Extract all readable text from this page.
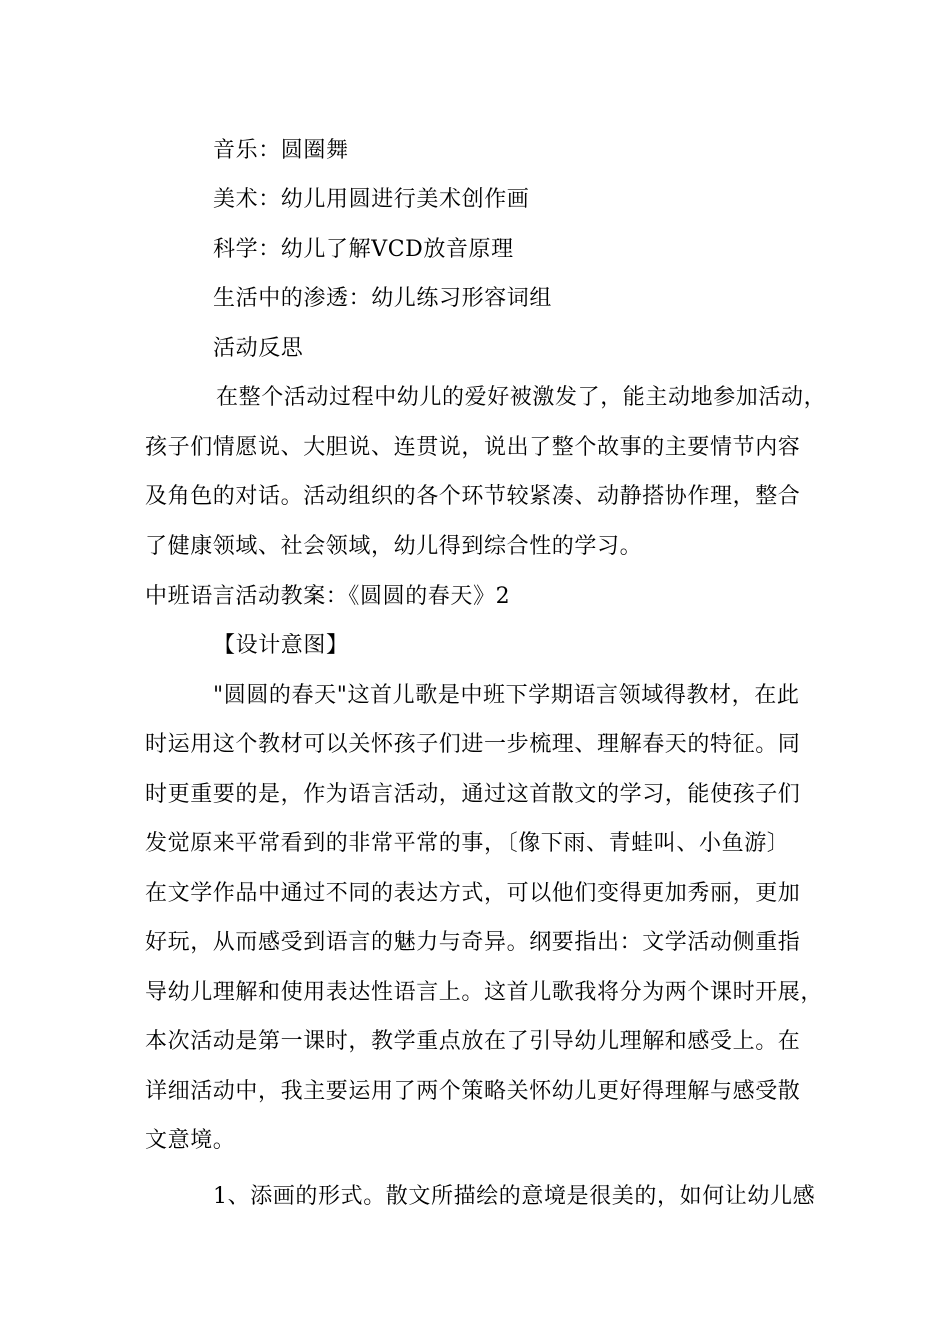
音乐：圆圈舞
美术：幼儿用圆进行美术创作画
科学：幼儿了解VCD放音原理
生活中的渗透：幼儿练习形容词组
活动反思
在整个活动过程中幼儿的爱好被激发了，能主动地参加活动，
孩子们情愿说、大胆说、连贯说，说出了整个故事的主要情节内容
及角色的对话。活动组织的各个环节较紧凑、动静搭协作理，整合
了健康领域、社会领域，幼儿得到综合性的学习。
中班语言活动教案：《圆圆的春天》2
【设计意图】
"圆圆的春天"这首儿歌是中班下学期语言领域得教材，在此
时运用这个教材可以关怀孩子们进一步梳理、理解春天的特征。同
时更重要的是，作为语言活动，通过这首散文的学习，能使孩子们
发觉原来平常看到的非常平常的事，〔像下雨、青蛙叫、小鱼游〕
在文学作品中通过不同的表达方式，可以他们变得更加秀丽，更加
好玩，从而感受到语言的魅力与奇异。纲要指出：文学活动侧重指
导幼儿理解和使用表达性语言上。这首儿歌我将分为两个课时开展，
本次活动是第一课时，教学重点放在了引导幼儿理解和感受上。在
详细活动中，我主要运用了两个策略关怀幼儿更好得理解与感受散
文意境。
1、添画的形式。散文所描绘的意境是很美的，如何让幼儿感
